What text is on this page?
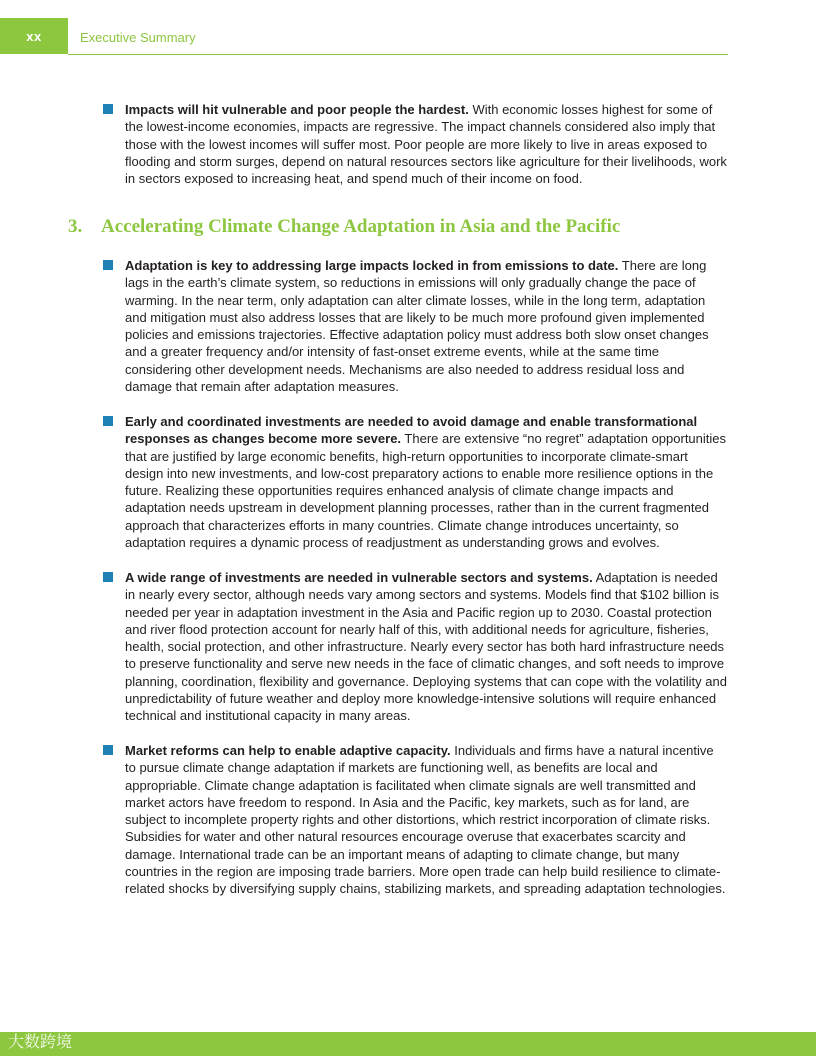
xx	Executive Summary
Impacts will hit vulnerable and poor people the hardest. With economic losses highest for some of the lowest-income economies, impacts are regressive. The impact channels considered also imply that those with the lowest incomes will suffer most. Poor people are more likely to live in areas exposed to flooding and storm surges, depend on natural resources sectors like agriculture for their livelihoods, work in sectors exposed to increasing heat, and spend much of their income on food.
3. Accelerating Climate Change Adaptation in Asia and the Pacific
Adaptation is key to addressing large impacts locked in from emissions to date. There are long lags in the earth’s climate system, so reductions in emissions will only gradually change the pace of warming. In the near term, only adaptation can alter climate losses, while in the long term, adaptation and mitigation must also address losses that are likely to be much more profound given implemented policies and emissions trajectories. Effective adaptation policy must address both slow onset changes and a greater frequency and/or intensity of fast-onset extreme events, while at the same time considering other development needs. Mechanisms are also needed to address residual loss and damage that remain after adaptation measures.
Early and coordinated investments are needed to avoid damage and enable transformational responses as changes become more severe. There are extensive “no regret” adaptation opportunities that are justified by large economic benefits, high-return opportunities to incorporate climate-smart design into new investments, and low-cost preparatory actions to enable more resilience options in the future. Realizing these opportunities requires enhanced analysis of climate change impacts and adaptation needs upstream in development planning processes, rather than in the current fragmented approach that characterizes efforts in many countries. Climate change introduces uncertainty, so adaptation requires a dynamic process of readjustment as understanding grows and evolves.
A wide range of investments are needed in vulnerable sectors and systems. Adaptation is needed in nearly every sector, although needs vary among sectors and systems. Models find that $102 billion is needed per year in adaptation investment in the Asia and Pacific region up to 2030. Coastal protection and river flood protection account for nearly half of this, with additional needs for agriculture, fisheries, health, social protection, and other infrastructure. Nearly every sector has both hard infrastructure needs to preserve functionality and serve new needs in the face of climatic changes, and soft needs to improve planning, coordination, flexibility and governance. Deploying systems that can cope with the volatility and unpredictability of future weather and deploy more knowledge-intensive solutions will require enhanced technical and institutional capacity in many areas.
Market reforms can help to enable adaptive capacity. Individuals and firms have a natural incentive to pursue climate change adaptation if markets are functioning well, as benefits are local and appropriable. Climate change adaptation is facilitated when climate signals are well transmitted and market actors have freedom to respond. In Asia and the Pacific, key markets, such as for land, are subject to incomplete property rights and other distortions, which restrict incorporation of climate risks. Subsidies for water and other natural resources encourage overuse that exacerbates scarcity and damage. International trade can be an important means of adapting to climate change, but many countries in the region are imposing trade barriers. More open trade can help build resilience to climate-related shocks by diversifying supply chains, stabilizing markets, and spreading adaptation technologies.
大数跨境
